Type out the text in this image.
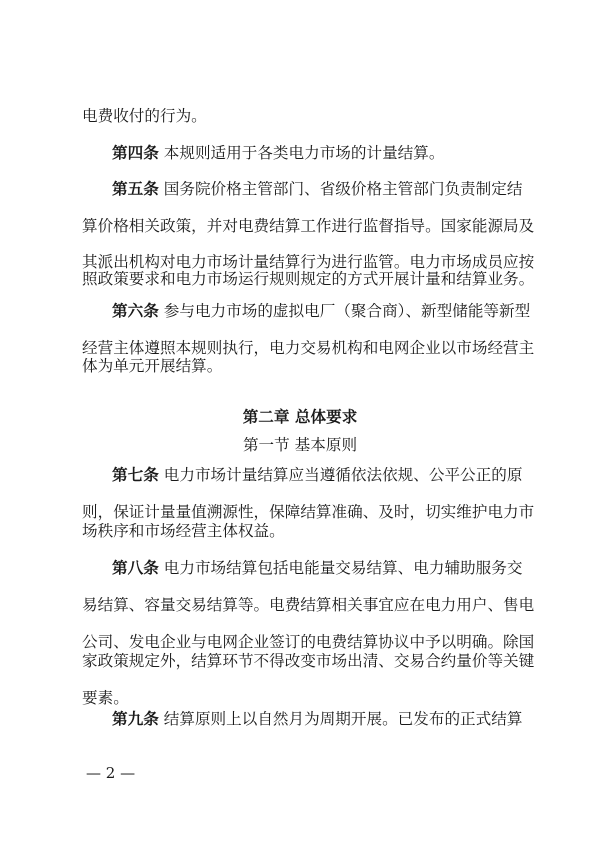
电费收付的行为。
第四条 本规则适用于各类电力市场的计量结算。
第五条 国务院价格主管部门、省级价格主管部门负责制定结
算价格相关政策，并对电费结算工作进行监督指导。国家能源局及
其派出机构对电力市场计量结算行为进行监管。电力市场成员应按
照政策要求和电力市场运行规则规定的方式开展计量和结算业务。
第六条 参与电力市场的虚拟电厂（聚合商）、新型储能等新型
经营主体遵照本规则执行，电力交易机构和电网企业以市场经营主
体为单元开展结算。
第二章 总体要求
第一节 基本原则
第七条 电力市场计量结算应当遵循依法依规、公平公正的原
则，保证计量量值溯源性，保障结算准确、及时，切实维护电力市
场秩序和市场经营主体权益。
第八条 电力市场结算包括电能量交易结算、电力辅助服务交
易结算、容量交易结算等。电费结算相关事宜应在电力用户、售电
公司、发电企业与电网企业签订的电费结算协议中予以明确。除国
家政策规定外，结算环节不得改变市场出清、交易合约量价等关键
要素。
第九条 结算原则上以自然月为周期开展。已发布的正式结算
— 2 —
